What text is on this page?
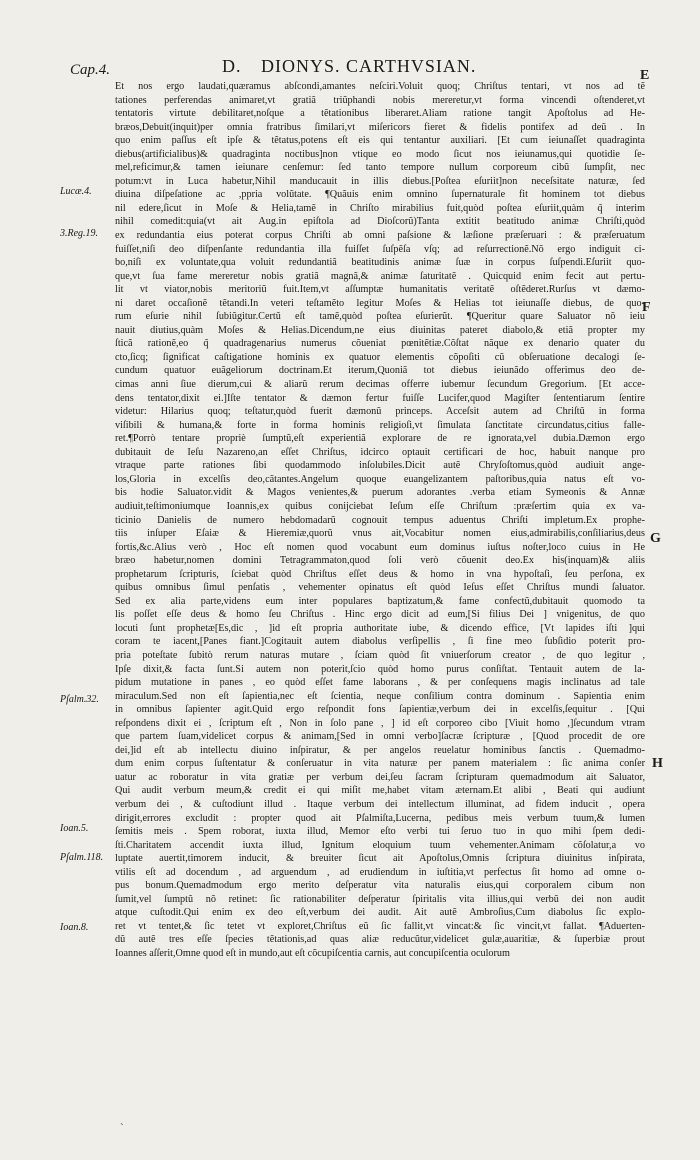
Cap.4.	D. DIONYS. CARTHVSIAN.	E
F
G
H
Lucæ.4.
3.Reg.19.
Pſalm.32.
Ioan.5.
Pſalm.118.
Ioan.8.
Et nos ergo laudati,quæramus abſcondi,amantes neſciri.Voluit quoq; Chriſtus tentari, vt nos ad tẽ
tationes perferendas animaret,vt gratiã triũphandi nobis mereretur,vt forma vincendi oſtenderet,vt
tentatoris virtute debilitaret,noſque a tẽtationibus liberaret.Aliam ratione tangit Apoſtolus ad He-
bræos,Debuit(inquit)per omnia fratribus ſimilari,vt miſericors fieret & fidelis pontifex ad deũ . In
quo enim paſſus eſt ipſe & tẽtatus,potens eſt eis qui tentantur auxiliari. [Et cum ieiunaſſet quadraginta
diebus(artificialibus)& quadraginta noctibus]non vtique eo modo ſicut nos ieiunamus,qui quotidie ſe-
mel,reficimur,& tamen ieiunare cenſemur: ſed tanto tempore nullum corporeum cibũ ſumpſit, nec
potum:vt in Luca habetur,Nihil manducauit in illis diebus.[Poſtea eſuriit]non neceſsitate naturæ, ſed
diuina diſpeſatione ac ,ppria volũtate. ¶Quãuis enim omnino ſupernaturale fit hominem tot diebus
nil edere,ſicut in Moſe & Helia,tamẽ in Chriſto mirabilius fuit,quòd poſtea eſuriit,quàm q̃ interim
nihil comedit:quia(vt ait Aug.in epiſtola ad Dioſcorũ)Tanta extitit beatitudo animæ Chriſti,quòd
ex redundantia eius poterat corpus Chriſti ab omni paſsione & læſione præſeruari : & præſeruatum
fuiſſet,niſi deo diſpenſante redundantia illa fuiſſet ſuſpẽſa vſq; ad reſurrectionẽ.Nõ ergo indiguit ci-
bo,niſi ex voluntate,qua voluit redundantiã beatitudinis animæ ſuæ in corpus ſuſpendi.Eſuriit quo-
que,vt ſua fame mereretur nobis gratiã magnã,& animæ ſaturitatẽ . Quicquid enim fecit aut pertu-
lit vt viator,nobis meritoriũ fuit.Item,vt aſſumptæ humanitatis veritatẽ oſtẽderet.Rurſus vt dæmo-
ni daret occaſionẽ tẽtandi.In veteri teſtamẽto legitur Moſes & Helias tot ieiunaſſe diebus, de quo-
rum eſurie nihil ſubiũgitur.Certũ eſt tamẽ,quòd poſtea eſurierũt. ¶Queritur quare Saluator nõ ieiu
nauit diutius,quàm Moſes & Helias.Dicendum,ne eius diuinitas pateret diabolo,& etiã propter my
ſticã rationẽ,eo q̃ quadragenarius numerus cõueniat pœnitẽtiæ.Cõſtat nãque ex denario quater du
cto,ſicq; ſignificat caſtigatione hominis ex quatuor elementis cõpoſiti cũ obſeruatione decalogi ſe-
cundum quatuor euãgeliorum doctrinam.Et iterum,Quoniã tot diebus ieiunãdo offerimus deo de-
cimas anni ſiue dierum,cui & aliarũ rerum decimas offerre iubemur ſecundum Gregorium. [Et acce-
dens tentator,dixit ei.]Iſte tentator & dæmon fertur fuiſſe Lucifer,quod Magiſter ſententiarum ſentire
videtur: Hilarius quoq; teſtatur,quòd fuerit dæmonũ princeps. Acceſsit autem ad Chriſtũ in forma
viſibili & humana,& forte in forma hominis religioſi,vt ſimulata ſanctitate circundatus,citius falle-
ret.¶Porrò tentare propriè ſumptũ,eſt experientiã explorare de re ignorata,vel dubia.Dæmon ergo
dubitauit de Ieſu Nazareno,an eſſet Chriſtus, idcirco optauit certificari de hoc, habuit nanque pro
vtraque parte rationes ſibi quodammodo inſolubiles.Dicit autẽ Chryſoſtomus,quòd audiuit ange-
los,Gloria in excelſis deo,cãtantes.Angelum quoque euangelizantem paſtoribus,quia natus eſt vo-
bis hodie Saluator.vidit & Magos venientes,& puerum adorantes .verba etiam Symeonis & Annæ
audiuit,teſtimoniumque Ioannis,ex quibus conijciebat Ieſum eſſe Chriſtum :præſertim quia ex va-
ticinio Danielis de numero hebdomadarũ cognouit tempus aduentus Chriſti impletum.Ex prophe-
tiis inſuper Eſaiæ & Hieremiæ,quorũ vnus ait,Vocabitur nomen eius,admirabilis,conſiliarius,deus
fortis,&c.Alius verò , Hoc eſt nomen quod vocabunt eum dominus iuſtus noſter,loco cuius in He
bræo habetur,nomen domini Tetragrammaton,quod ſoli verò cõuenit deo.Ex his(inquam)& aliis
prophetarum ſcripturis, ſciebat quòd Chriſtus eſſet deus & homo in vna hypoſtaſi, ſeu perſona, ex
quibus omnibus ſimul penſatis , vehementer opinatus eſt quòd Ieſus eſſet Chriſtus mundi ſaluator.
Sed ex alia parte,videns eum inter populares baptizatum,& fame confectũ,dubitauit quomodo ta
lis poſſet eſſe deus & homo ſeu Chriſtus . Hinc ergo dicit ad eum,[Si filius Dei ] vnigenitus, de quo
locuti ſunt prophetæ[Es,dic , ]id eſt propria authoritate iube, & dicendo effice, [Vt lapides iſti ]qui
coram te iacent,[Panes fiant.]Cogitauit autem diabolus verſipellis , ſi fine meo ſubſidio poterit pro-
pria poteſtate ſubitò rerum naturas mutare , ſciam quòd ſit vniuerſorum creator , de quo legitur ,
Ipſe dixit,& facta ſunt.Si autem non poterit,ſcio quòd homo purus conſiſtat. Tentauit autem de la-
pidum mutatione in panes , eo quòd eſſet fame laborans , & per conſequens magis inclinatus ad tale
miraculum.Sed non eſt ſapientia,nec eſt ſcientia, neque conſilium contra dominum . Sapientia enim
in omnibus ſapienter agit.Quid ergo reſpondit fons ſapientiæ,verbum dei in excelſis,ſequitur . [Qui
reſpondens dixit ei , ſcriptum eſt , Non in ſolo pane , ] id eſt corporeo cibo [Viuit homo ,]ſecundum vtram
que partem ſuam,videlicet corpus & animam,[Sed in omni verbo]ſacræ ſcripturæ , [Quod procedit de ore
dei,]id eſt ab intellectu diuino inſpiratur, & per angelos reuelatur hominibus ſanctis . Quemadmo-
dum enim corpus ſuſtentatur & conſeruatur in vita naturæ per panem materialem : ſic anima conſer
uatur ac roboratur in vita gratiæ per verbum dei,ſeu ſacram ſcripturam quemadmodum ait Saluator,
Qui audit verbum meum,& credit ei qui miſit me,habet vitam æternam.Et alibi , Beati qui audiunt
verbum dei , & cuſtodiunt illud . Itaque verbum dei intellectum illuminat, ad fidem inducit , opera
dirigit,errores excludit : propter quod ait Pſalmiſta,Lucerna, pedibus meis verbum tuum,& lumen
ſemitis meis . Spem roborat, iuxta illud, Memor eſto verbi tui ſeruo tuo in quo mihi ſpem dedi-
ſti.Charitatem accendit iuxta illud, Ignitum eloquium tuum vehementer.Animam cõſolatur,a vo
luptate auertit,timorem inducit, & breuiter ſicut ait Apoſtolus,Omnis ſcriptura diuinitus inſpirata,
vtilis eſt ad docendum , ad arguendum , ad erudiendum in iuſtitia,vt perfectus ſit homo ad omne o-
pus bonum.Quemadmodum ergo merito deſperatur vita naturalis eius,qui corporalem cibum non
ſumit,vel ſumptũ nõ retinet: ſic rationabiliter deſperatur ſpiritalis vita illius,qui verbũ dei non audit
atque cuſtodit.Qui enim ex deo eſt,verbum dei audit. Ait autẽ Ambroſius,Cum diabolus ſic explo-
ret vt tentet,& ſic tetet vt exploret,Chriſtus eũ ſic fallit,vt vincat:& ſic vincit,vt fallat. ¶Aduerten-
dũ autẽ tres eſſe ſpecies tẽtationis,ad quas aliæ reducũtur,videlicet gulæ,auaritiæ, & ſuperbiæ prout
Ioannes aſſerit,Omne quod eſt in mundo,aut eſt cõcupiſcentia carnis, aut concupiſcentia oculorum
`
